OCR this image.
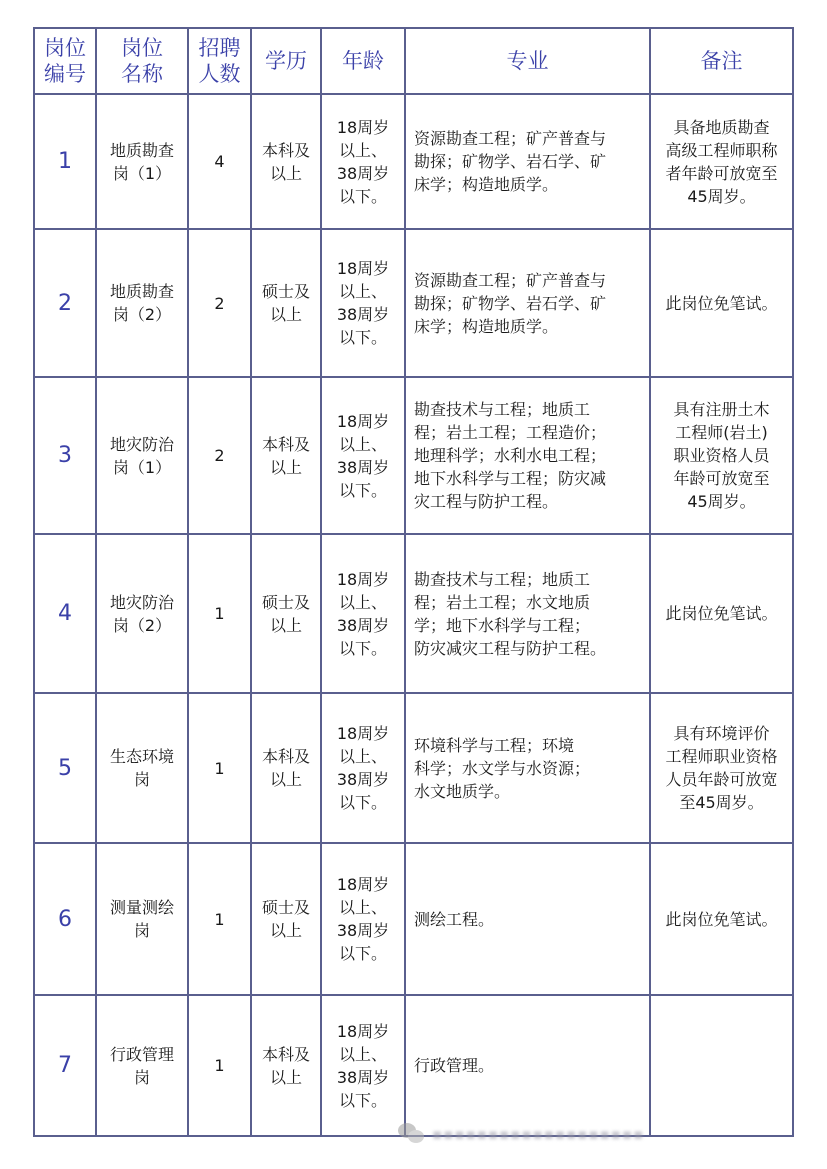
岗位
编号	岗位
名称	招聘
人数	学历	年龄	专业	备注

1	地质勘查
岗（1）	4	本科及
以上	18周岁
以上、
38周岁
以下。	资源勘查工程；矿产普查与
勘探；矿物学、岩石学、矿
床学；构造地质学。	具备地质勘查
高级工程师职称
者年龄可放宽至
45周岁。

2	地质勘查
岗（2）	2	硕士及
以上	18周岁
以上、
38周岁
以下。	资源勘查工程；矿产普查与
勘探；矿物学、岩石学、矿
床学；构造地质学。	此岗位免笔试。

3	地灾防治
岗（1）	2	本科及
以上	18周岁
以上、
38周岁
以下。	勘查技术与工程；地质工
程；岩土工程；工程造价；
地理科学；水利水电工程；
地下水科学与工程；防灾减
灾工程与防护工程。	具有注册土木
工程师(岩土)
职业资格人员
年龄可放宽至
45周岁。

4	地灾防治
岗（2）	1	硕士及
以上	18周岁
以上、
38周岁
以下。	勘查技术与工程；地质工
程；岩土工程；水文地质
学；地下水科学与工程；
防灾减灾工程与防护工程。	此岗位免笔试。

5	生态环境
岗	1	本科及
以上	18周岁
以上、
38周岁
以下。	环境科学与工程；环境
科学；水文学与水资源；
水文地质学。	具有环境评价
工程师职业资格
人员年龄可放宽
至45周岁。

6	测量测绘
岗	1	硕士及
以上	18周岁
以上、
38周岁
以下。	测绘工程。	此岗位免笔试。

7	行政管理
岗	1	本科及
以上	18周岁
以上、
38周岁
以下。	行政管理。	

▪▪▪▪▪▪▪▪▪▪▪▪▪▪▪▪▪▪▪
